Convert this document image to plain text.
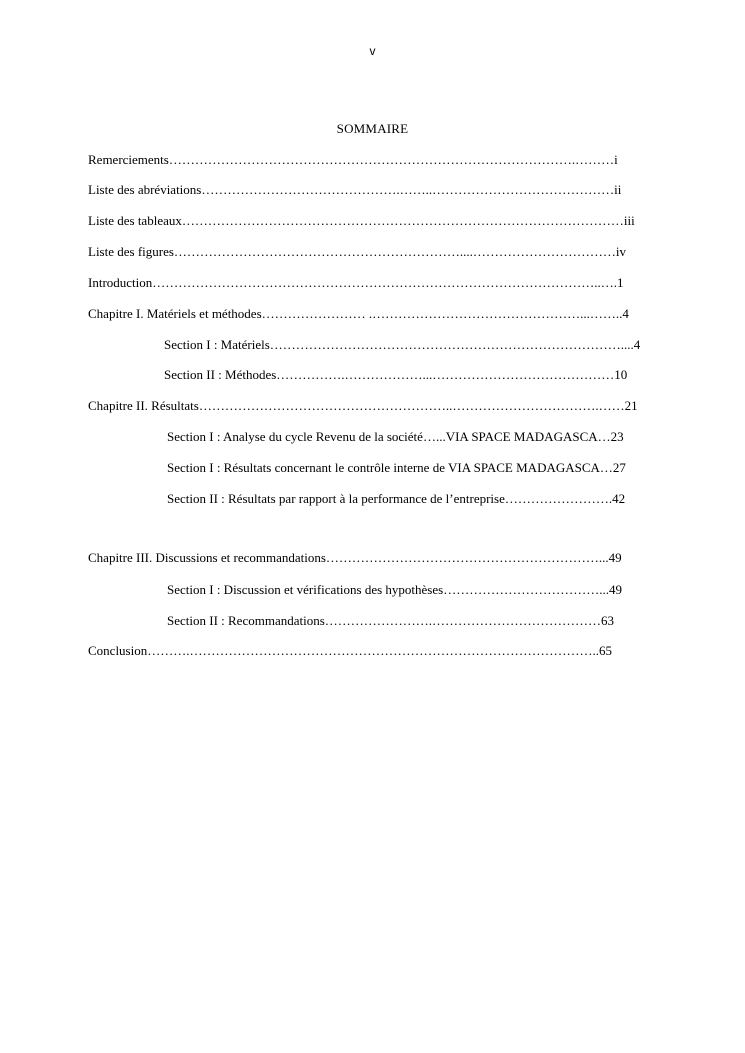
v
SOMMAIRE
Remerciements………………………………………………………………………………….………i
Liste des abréviations……………………………………….……..……………………………………ii
Liste des tableaux…………………………………………………………………………………………iii
Liste des figures…………………………………………………………....……………………………iv
Introduction…………………………………………………………………………………………..….1
Chapitre I. Matériels et méthodes…………………… .…………………………………………...……..4
Section I : Matériels………………………………………………………………………....4
Section II : Méthodes…………….………………...……………………………………10
Chapitre II. Résultats…………………………………………………..…………………………….……21
Section I : Analyse du cycle Revenu de la société…...VIA SPACE MADAGASCA…23
Section I : Résultats concernant le contrôle interne de VIA SPACE MADAGASCA…27
Section II : Résultats par rapport à la performance de l’entreprise…………………….42
Chapitre III. Discussions et recommandations………………………………………………………...49
Section I : Discussion et vérifications des hypothèses………………………………...49
Section II : Recommandations…………………….…………………………………63
Conclusion……….…………………………………………………………………………………..65
